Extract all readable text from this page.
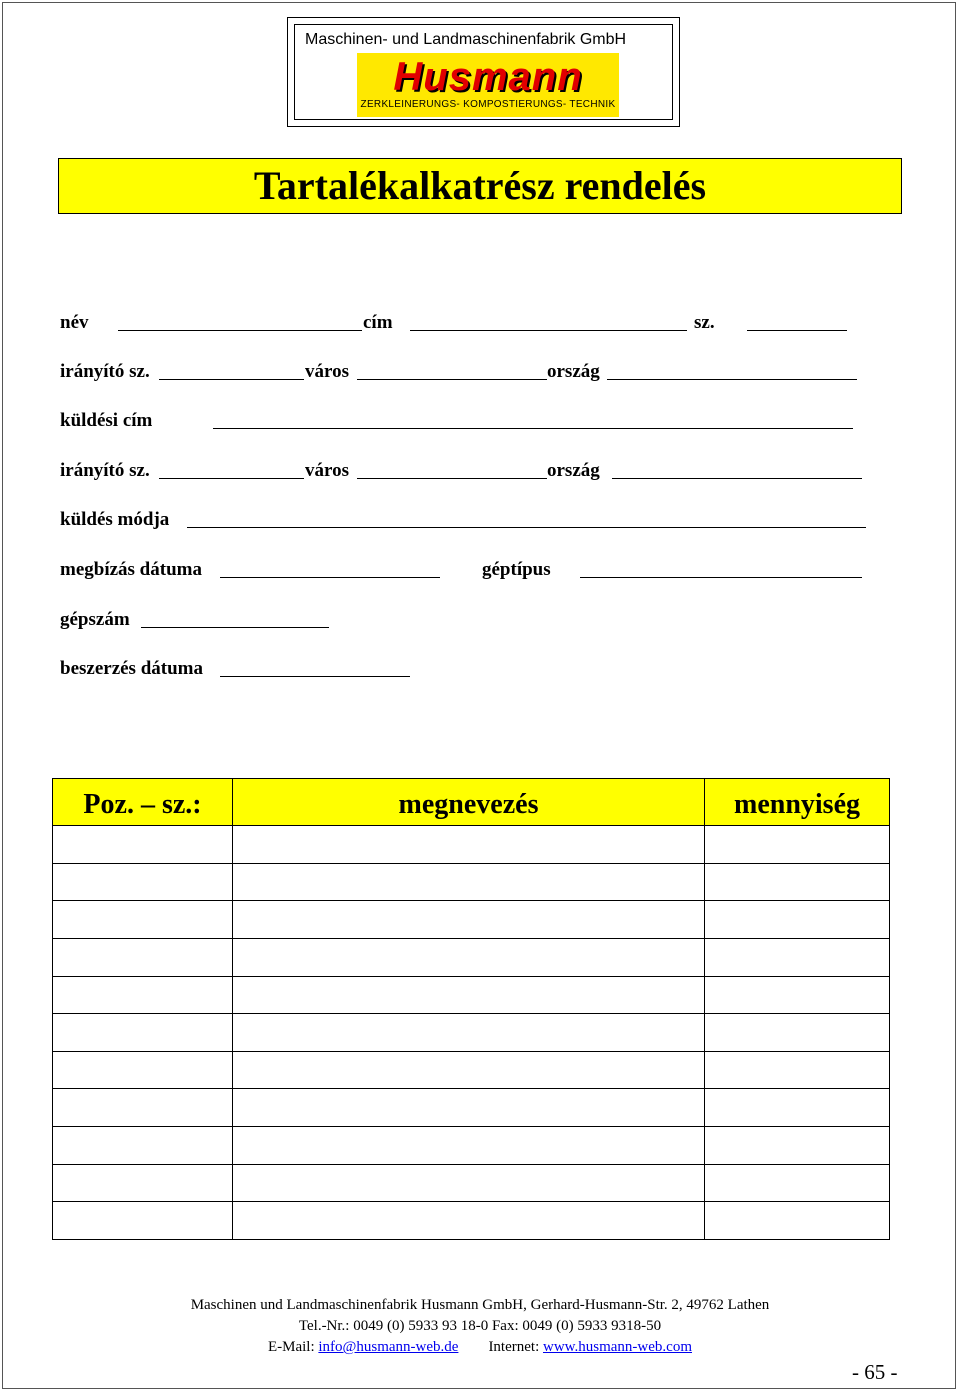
Maschinen- und Landmaschinenfabrik GmbH
Husmann
ZERKLEINERUNGS- KOMPOSTIERUNGS- TECHNIK
Tartalékalkatrész rendelés
név	cím	sz.
irányító sz.	város	ország
küldési cím
irányító sz.	város	ország
küldés módja
megbízás dátuma	géptípus
gépszám
beszerzés dátuma
Poz. – sz.:	megnevezés	mennyiség
Maschinen und Landmaschinenfabrik Husmann GmbH, Gerhard-Husmann-Str. 2, 49762 Lathen
Tel.-Nr.: 0049 (0) 5933 93 18-0 Fax: 0049 (0) 5933 9318-50
E-Mail: info@husmann-web.de Internet: www.husmann-web.com
- 65 -
